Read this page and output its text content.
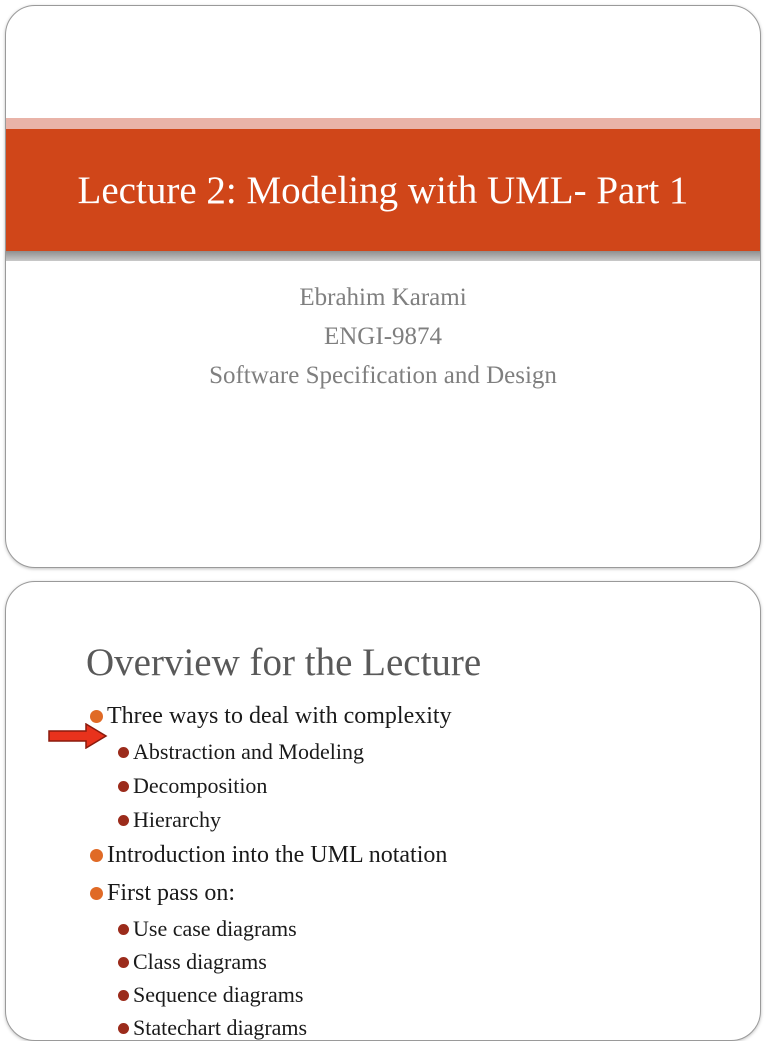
Lecture 2: Modeling with UML- Part 1
Ebrahim Karami
ENGI-9874
Software Specification and Design
Overview for the Lecture
Three ways to deal with complexity
Abstraction and Modeling
Decomposition
Hierarchy
Introduction into the UML notation
First pass on:
Use case diagrams
Class diagrams
Sequence diagrams
Statechart diagrams
